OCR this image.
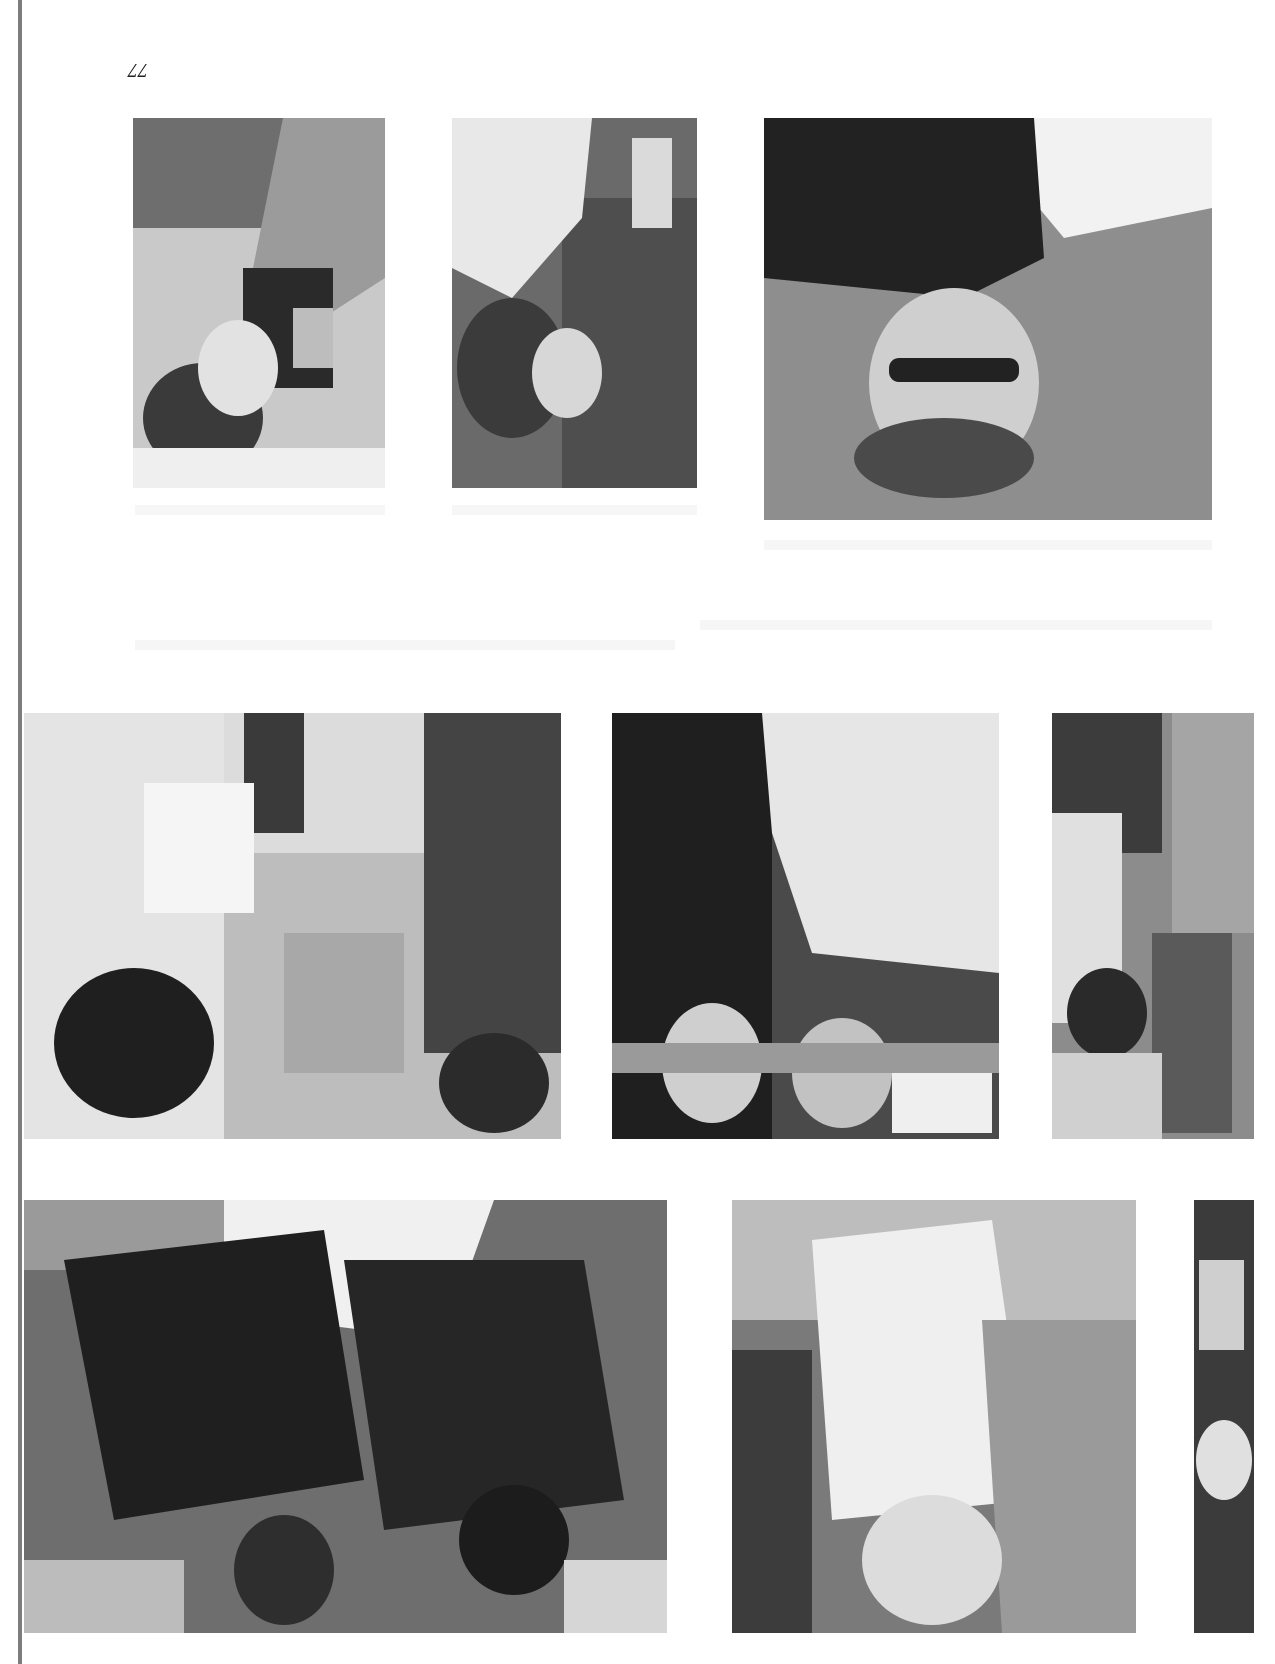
77
